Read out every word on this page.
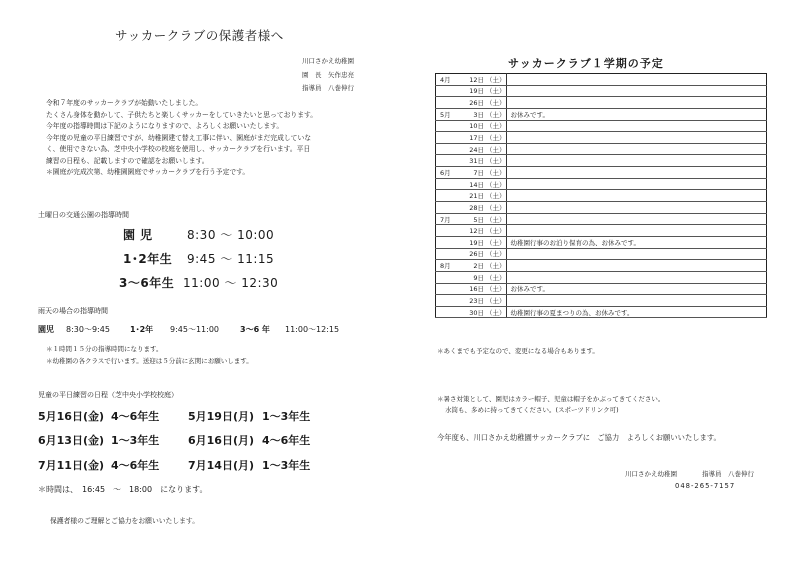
サッカークラブの保護者様へ
川口さかえ幼稚園
園　長　矢作忠亮
指導員　八巻伸行
令和７年度のサッカークラブが始動いたしました。
たくさん身体を動かして、子供たちと楽しくサッカーをしていきたいと思っております。
今年度の指導時間は下記のようになりますので、よろしくお願いいたします。
今年度の児童の平日練習ですが、幼稚園建て替え工事に伴い、園庭がまだ完成していな
く、使用できない為、芝中央小学校の校庭を使用し、サッカークラブを行います。平日
練習の日程も、記載しますので確認をお願いします。
＊園庭が完成次第、幼稚園園庭でサッカークラブを行う予定です。
土曜日の交通公園の指導時間
園 児	8:30 ～ 10:00
1･2年生 9:45 ～ 11:15
3～6年生 11:00 ～ 12:30
雨天の場合の指導時間
園児 8:30～9:45	1･2年 9:45～11:00	3～6 年 11:00～12:15
＊１時間１５分の指導時間になります。
＊幼稚園の各クラスで行います。送迎は５分前に玄関にお願いします。
児童の平日練習の日程（芝中央小学校校庭）
5月16日(金) 4～6年生	5月19日(月) 1～3年生
6月13日(金) 1～3年生	6月16日(月) 4～6年生
7月11日(金) 4～6年生	7月14日(月) 1～3年生
＊時間は、　16:45　～　18:00　になります。
保護者様のご理解とご協力をお願いいたします。
サッカークラブ１学期の予定
4月 12日 （土）	
19日 （土）	
26日 （土）	
5月 3日 （土）	お休みです。
10日 （土）	
17日 （土）	
24日 （土）	
31日 （土）	
6月 7日 （土）	
14日 （土）	
21日 （土）	
28日 （土）	
7月 5日 （土）	
12日 （土）	
19日 （土）	幼稚園行事のお泊り保育の為、お休みです。
26日 （土）	
8月 2日 （土）	
9日 （土）	
16日 （土）	お休みです。
23日 （土）	
30日 （土）	幼稚園行事の夏まつりの為、お休みです。
＊あくまでも予定なので、変更になる場合もあります。
＊暑さ対策として、園児はカラー帽子、児童は帽子をかぶってきてください。
水筒も、多めに持ってきてください。(スポーツドリンク可)
今年度も、川口さかえ幼稚園サッカークラブに　ご協力　よろしくお願いいたします。
川口さかえ幼稚園	指導員　八巻伸行
048-265-7157
